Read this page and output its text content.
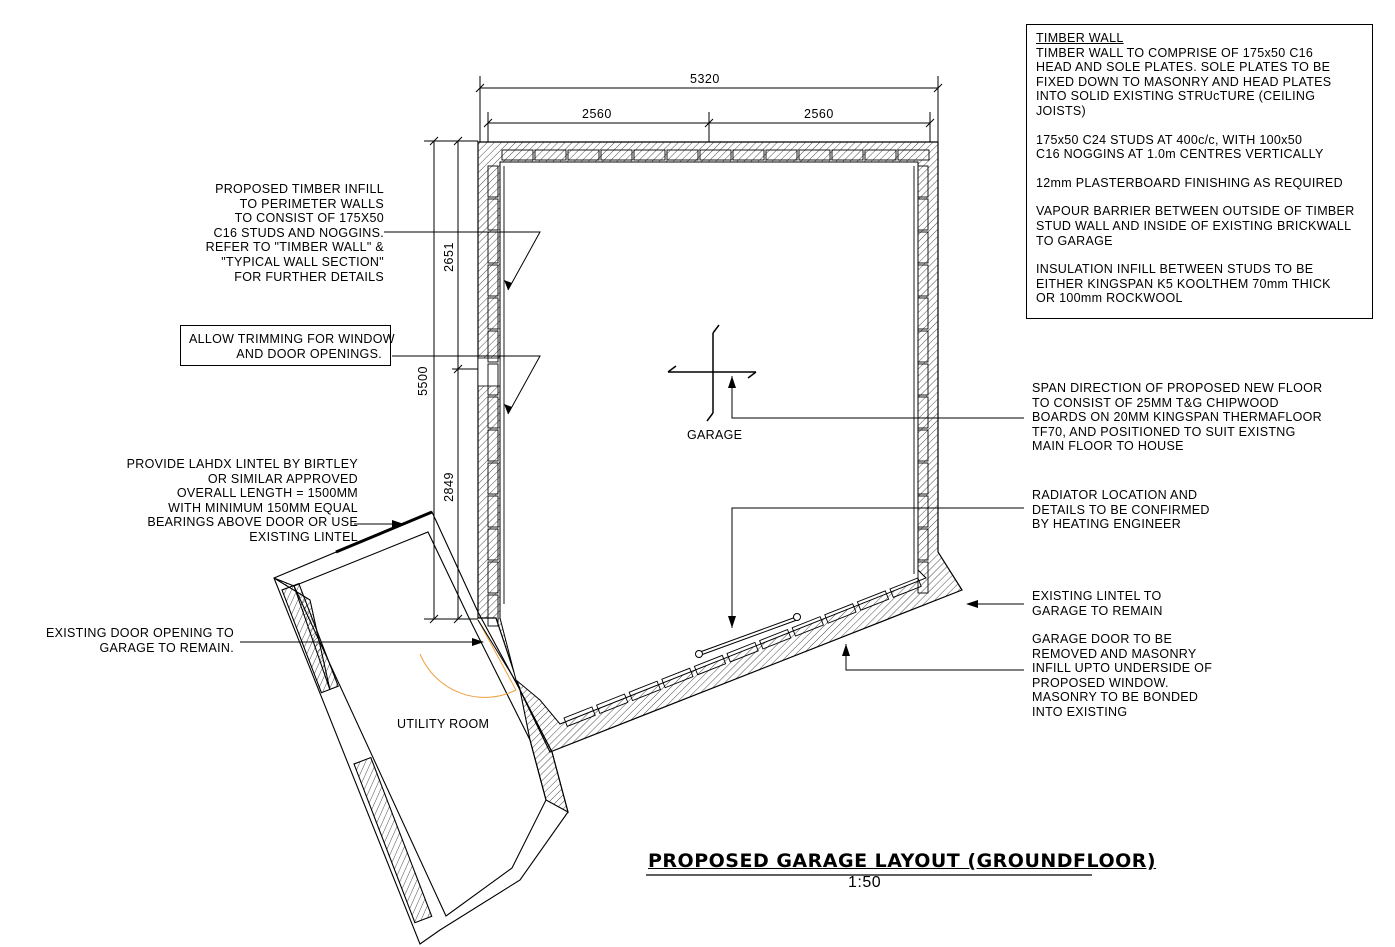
5320
2560	2560
5500
2651
2849
GARAGE
UTILITY ROOM
PROPOSED TIMBER INFILL
TO PERIMETER WALLS
TO CONSIST OF 175X50
C16 STUDS AND NOGGINS.
REFER TO "TIMBER WALL" &
"TYPICAL WALL SECTION"
FOR FURTHER DETAILS
ALLOW TRIMMING FOR WINDOW
AND DOOR OPENINGS.
PROVIDE LAHDX LINTEL BY BIRTLEY
OR SIMILAR APPROVED
OVERALL LENGTH = 1500MM
WITH MINIMUM 150MM EQUAL
BEARINGS ABOVE DOOR OR USE
EXISTING LINTEL
EXISTING DOOR OPENING TO
GARAGE TO REMAIN.
SPAN DIRECTION OF PROPOSED NEW FLOOR
TO CONSIST OF 25MM T&G CHIPWOOD
BOARDS ON 20MM KINGSPAN THERMAFLOOR
TF70, AND POSITIONED TO SUIT EXISTNG
MAIN FLOOR TO HOUSE
RADIATOR LOCATION AND
DETAILS TO BE CONFIRMED
BY HEATING ENGINEER
EXISTING LINTEL TO
GARAGE TO REMAIN
GARAGE DOOR TO BE
REMOVED AND MASONRY
INFILL UPTO UNDERSIDE OF
PROPOSED WINDOW.
MASONRY TO BE BONDED
INTO EXISTING

TIMBER WALL

TIMBER WALL TO COMPRISE OF 175x50 C16
HEAD AND SOLE PLATES. SOLE PLATES TO BE
FIXED DOWN TO MASONRY AND HEAD PLATES
INTO SOLID EXISTING STRUcTURE (CEILING
JOISTS)

175x50 C24 STUDS AT 400c/c, WITH 100x50
C16 NOGGINS AT 1.0m CENTRES VERTICALLY

12mm PLASTERBOARD FINISHING AS REQUIRED

VAPOUR BARRIER BETWEEN OUTSIDE OF TIMBER
STUD WALL AND INSIDE OF EXISTING BRICKWALL
TO GARAGE

INSULATION INFILL BETWEEN STUDS TO BE
EITHER KINGSPAN K5 KOOLTHEM 70mm THICK
OR 100mm ROCKWOOL

PROPOSED GARAGE LAYOUT (GROUNDFLOOR)
1:50
